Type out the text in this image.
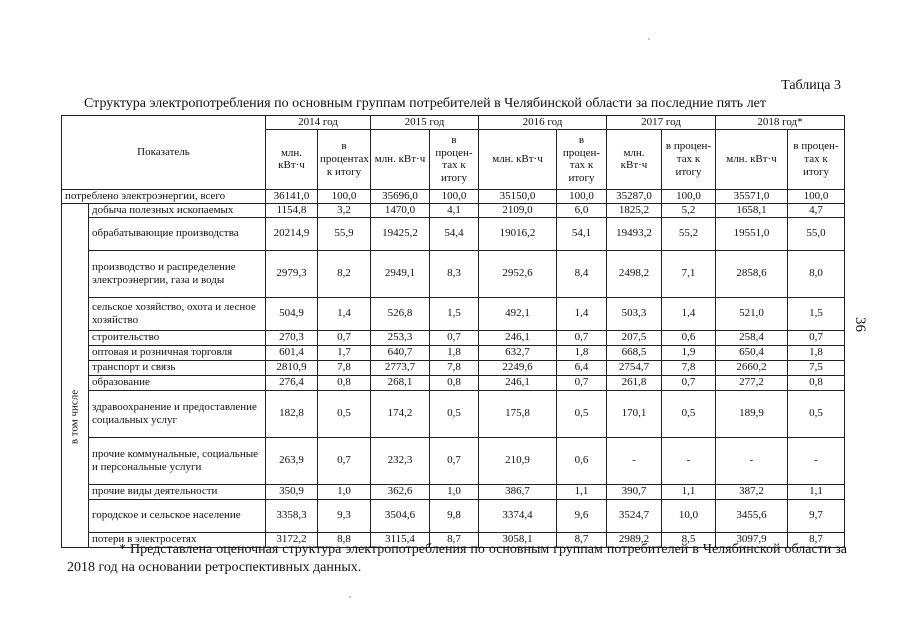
Таблица 3
Структура электропотребления по основным группам потребителей в Челябинской области за последние пять лет
Показатель		2014 год		2015 год		2016 год		2017 год		2018 год*	
		млн. кВт·ч	в процентах к итогу	млн. кВт·ч	в процен-тах к итогу	млн. кВт·ч	в процен-тах к итогу	млн. кВт·ч	в процен-тах к итогу	млн. кВт·ч	в процен-тах к итогу
потреблено электроэнергии, всего		36141,0	100,0	35696,0	100,0	35150,0	100,0	35287,0	100,0	35571,0	100,0

в том числе	добыча полезных ископаемых	1154,8	3,2	1470,0	4,1	2109,0	6,0	1825,2	5,2	1658,1	4,7
	обрабатывающие производства	20214,9	55,9	19425,2	54,4	19016,2	54,1	19493,2	55,2	19551,0	55,0
	производство и распределение электроэнергии, газа и воды	2979,3	8,2	2949,1	8,3	2952,6	8,4	2498,2	7,1	2858,6	8,0
	сельское хозяйство, охота и лесное хозяйство	504,9	1,4	526,8	1,5	492,1	1,4	503,3	1,4	521,0	1,5
	строительство	270,3	0,7	253,3	0,7	246,1	0,7	207,5	0,6	258,4	0,7
	оптовая и розничная торговля	601,4	1,7	640,7	1,8	632,7	1,8	668,5	1,9	650,4	1,8
	транспорт и связь	2810,9	7,8	2773,7	7,8	2249,6	6,4	2754,7	7,8	2660,2	7,5
	образование	276,4	0,8	268,1	0,8	246,1	0,7	261,8	0,7	277,2	0,8
	здравоохранение и предоставление социальных услуг	182,8	0,5	174,2	0,5	175,8	0,5	170,1	0,5	189,9	0,5
	прочие коммунальные, социальные и персональные услуги	263,9	0,7	232,3	0,7	210,9	0,6	-	-	-	-
	прочие виды деятельности	350,9	1,0	362,6	1,0	386,7	1,1	390,7	1,1	387,2	1,1
	городское и сельское население	3358,3	9,3	3504,6	9,8	3374,4	9,6	3524,7	10,0	3455,6	9,7
	потери в электросетях	3172,2	8,8	3115,4	8,7	3058,1	8,7	2989,2	8,5	3097,9	8,7
36
* Представлена оценочная структура электропотребления по основным группам потребителей в Челябинской области за 2018 год на основании ретроспективных данных.
